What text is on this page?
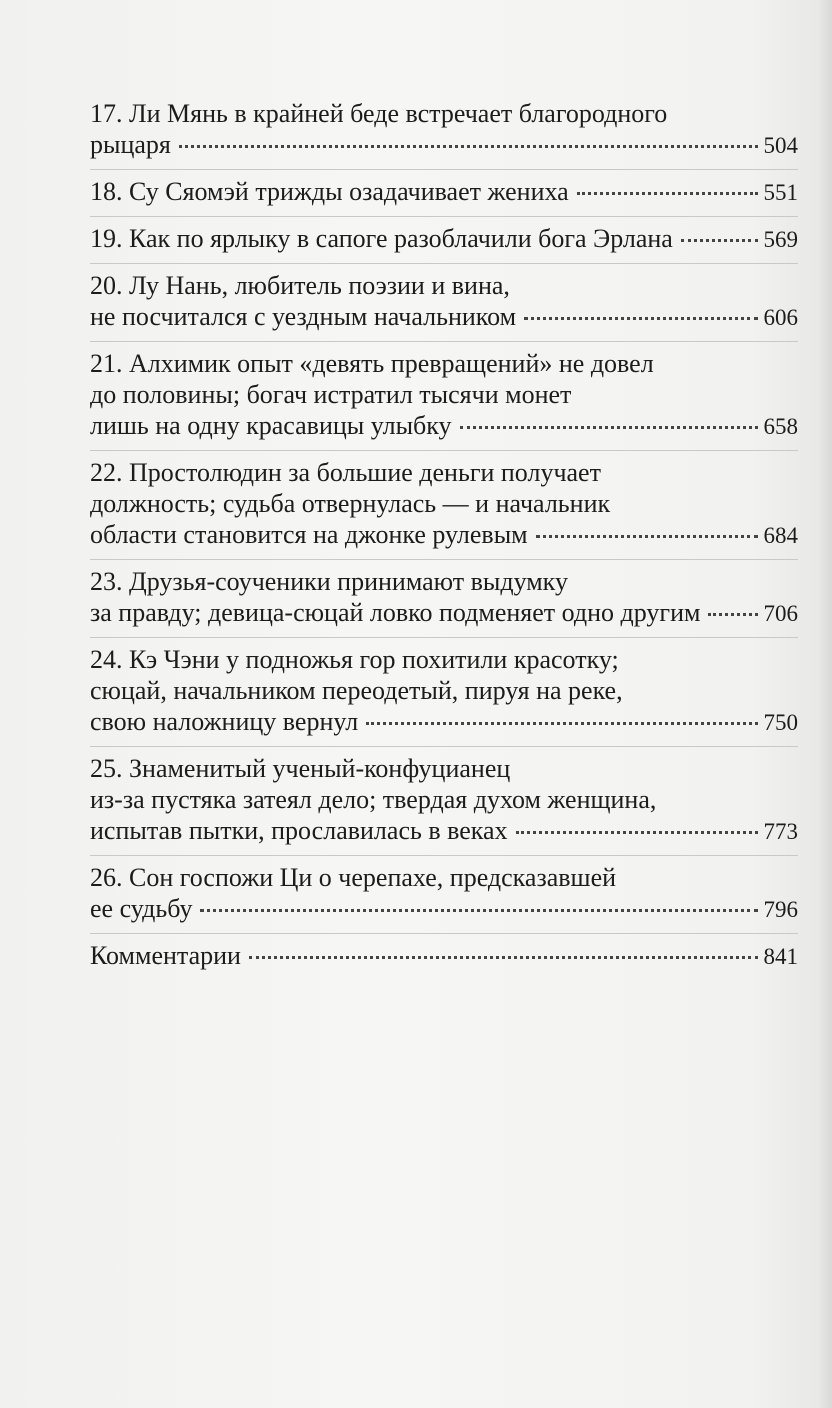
17. Ли Мянь в крайней беде встречает благородного
рыцаря	504
18. Су Сяомэй трижды озадачивает жениха	551
19. Как по ярлыку в сапоге разоблачили бога Эрлана	569
20. Лу Нань, любитель поэзии и вина,
не посчитался с уездным начальником	606
21. Алхимик опыт «девять превращений» не довел
до половины; богач истратил тысячи монет
лишь на одну красавицы улыбку	658
22. Простолюдин за большие деньги получает
должность; судьба отвернулась — и начальник
области становится на джонке рулевым	684
23. Друзья-соученики принимают выдумку
за правду; девица-сюцай ловко подменяет одно другим	706
24. Кэ Чэни у подножья гор похитили красотку;
сюцай, начальником переодетый, пируя на реке,
свою наложницу вернул	750
25. Знаменитый ученый-конфуцианец
из-за пустяка затеял дело; твердая духом женщина,
испытав пытки, прославилась в веках	773
26. Сон госпожи Ци о черепахе, предсказавшей
ее судьбу	796
Комментарии	841
